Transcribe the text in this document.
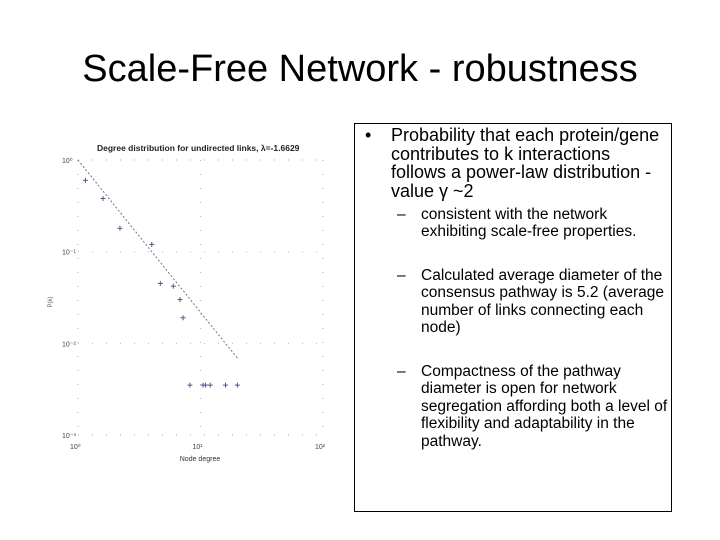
Scale-Free Network - robustness
Degree distribution for undirected links, λ=-1.6629
P(k)
Node degree
10⁰
10⁻¹
10⁻²
10⁻³
10⁰	10¹	10²
• Probability that each protein/gene contributes to k interactions follows a power-law distribution - value γ ~2
– consistent with the network exhibiting scale-free properties.
– Calculated average diameter of the consensus pathway is 5.2 (average number of links connecting each node)
– Compactness of the pathway diameter is open for network segregation affording both a level of flexibility and adaptability in the pathway.
